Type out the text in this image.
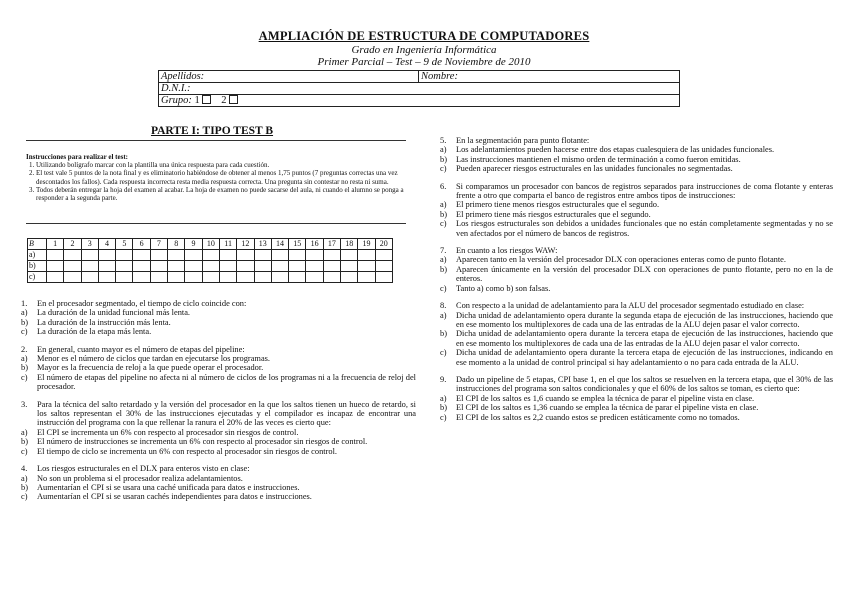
AMPLIACIÓN DE ESTRUCTURA DE COMPUTADORES
Grado en Ingeniería Informática
Primer Parcial – Test – 9 de Noviembre de 2010
Apellidos:	Nombre:
D.N.I.:
Grupo: 1 2
PARTE I: TIPO TEST B
Instrucciones para realizar el test:
1. Utilizando bolígrafo marcar con la plantilla una única respuesta para cada cuestión.
2. El test vale 5 puntos de la nota final y es eliminatorio habiéndose de obtener al menos 1,75 puntos (7 preguntas correctas una vez descontados los fallos). Cada respuesta incorrecta resta media respuesta correcta. Una pregunta sin contestar no resta ni suma.
3. Todos deberán entregar la hoja del examen al acabar. La hoja de examen no puede sacarse del aula, ni cuando el alumno se ponga a responder a la segunda parte.
B	1	2	3	4	5	6	7	8	9	10	11	12	13	14	15	16	17	18	19	20
a)																				
b)																				
c)																				
1.	En el procesador segmentado, el tiempo de ciclo coincide con:
a)	La duración de la unidad funcional más lenta.
b)	La duración de la instrucción más lenta.
c)	La duración de la etapa más lenta.
2.	En general, cuanto mayor es el número de etapas del pipeline:
a)	Menor es el número de ciclos que tardan en ejecutarse los programas.
b)	Mayor es la frecuencia de reloj a la que puede operar el procesador.
c)	El número de etapas del pipeline no afecta ni al número de ciclos de los programas ni a la frecuencia de reloj del procesador.
3.	Para la técnica del salto retardado y la versión del procesador en la que los saltos tienen un hueco de retardo, si los saltos representan el 30% de las instrucciones ejecutadas y el compilador es incapaz de encontrar una instrucción del programa con la que rellenar la ranura el 20% de las veces es cierto que:
a)	El CPI se incrementa un 6% con respecto al procesador sin riesgos de control.
b)	El número de instrucciones se incrementa un 6% con respecto al procesador sin riesgos de control.
c)	El tiempo de ciclo se incrementa un 6% con respecto al procesador sin riesgos de control.
4.	Los riesgos estructurales en el DLX para enteros visto en clase:
a)	No son un problema si el procesador realiza adelantamientos.
b)	Aumentarían el CPI si se usara una caché unificada para datos e instrucciones.
c)	Aumentarían el CPI si se usaran cachés independientes para datos e instrucciones.
5.	En la segmentación para punto flotante:
a)	Los adelantamientos pueden hacerse entre dos etapas cualesquiera de las unidades funcionales.
b)	Las instrucciones mantienen el mismo orden de terminación a como fueron emitidas.
c)	Pueden aparecer riesgos estructurales en las unidades funcionales no segmentadas.
6.	Si comparamos un procesador con bancos de registros separados para instrucciones de coma flotante y enteras frente a otro que comparta el banco de registros entre ambos tipos de instrucciones:
a)	El primero tiene menos riesgos estructurales que el segundo.
b)	El primero tiene más riesgos estructurales que el segundo.
c)	Los riesgos estructurales son debidos a unidades funcionales que no están completamente segmentadas y no se ven afectados por el número de bancos de registros.
7.	En cuanto a los riesgos WAW:
a)	Aparecen tanto en la versión del procesador DLX con operaciones enteras como de punto flotante.
b)	Aparecen únicamente en la versión del procesador DLX con operaciones de punto flotante, pero no en la de enteros.
c)	Tanto a) como b) son falsas.
8.	Con respecto a la unidad de adelantamiento para la ALU del procesador segmentado estudiado en clase:
a)	Dicha unidad de adelantamiento opera durante la segunda etapa de ejecución de las instrucciones, haciendo que en ese momento los multiplexores de cada una de las entradas de la ALU dejen pasar el valor correcto.
b)	Dicha unidad de adelantamiento opera durante la tercera etapa de ejecución de las instrucciones, haciendo que en ese momento los multiplexores de cada una de las entradas de la ALU dejen pasar el valor correcto.
c)	Dicha unidad de adelantamiento opera durante la tercera etapa de ejecución de las instrucciones, indicando en ese momento a la unidad de control principal si hay adelantamiento o no para cada entrada de la ALU.
9.	Dado un pipeline de 5 etapas, CPI base 1, en el que los saltos se resuelven en la tercera etapa, que el 30% de las instrucciones del programa son saltos condicionales y que el 60% de los saltos se toman, es cierto que:
a)	El CPI de los saltos es 1,6 cuando se emplea la técnica de parar el pipeline vista en clase.
b)	El CPI de los saltos es 1,36 cuando se emplea la técnica de parar el pipeline vista en clase.
c)	El CPI de los saltos es 2,2 cuando estos se predicen estáticamente como no tomados.
